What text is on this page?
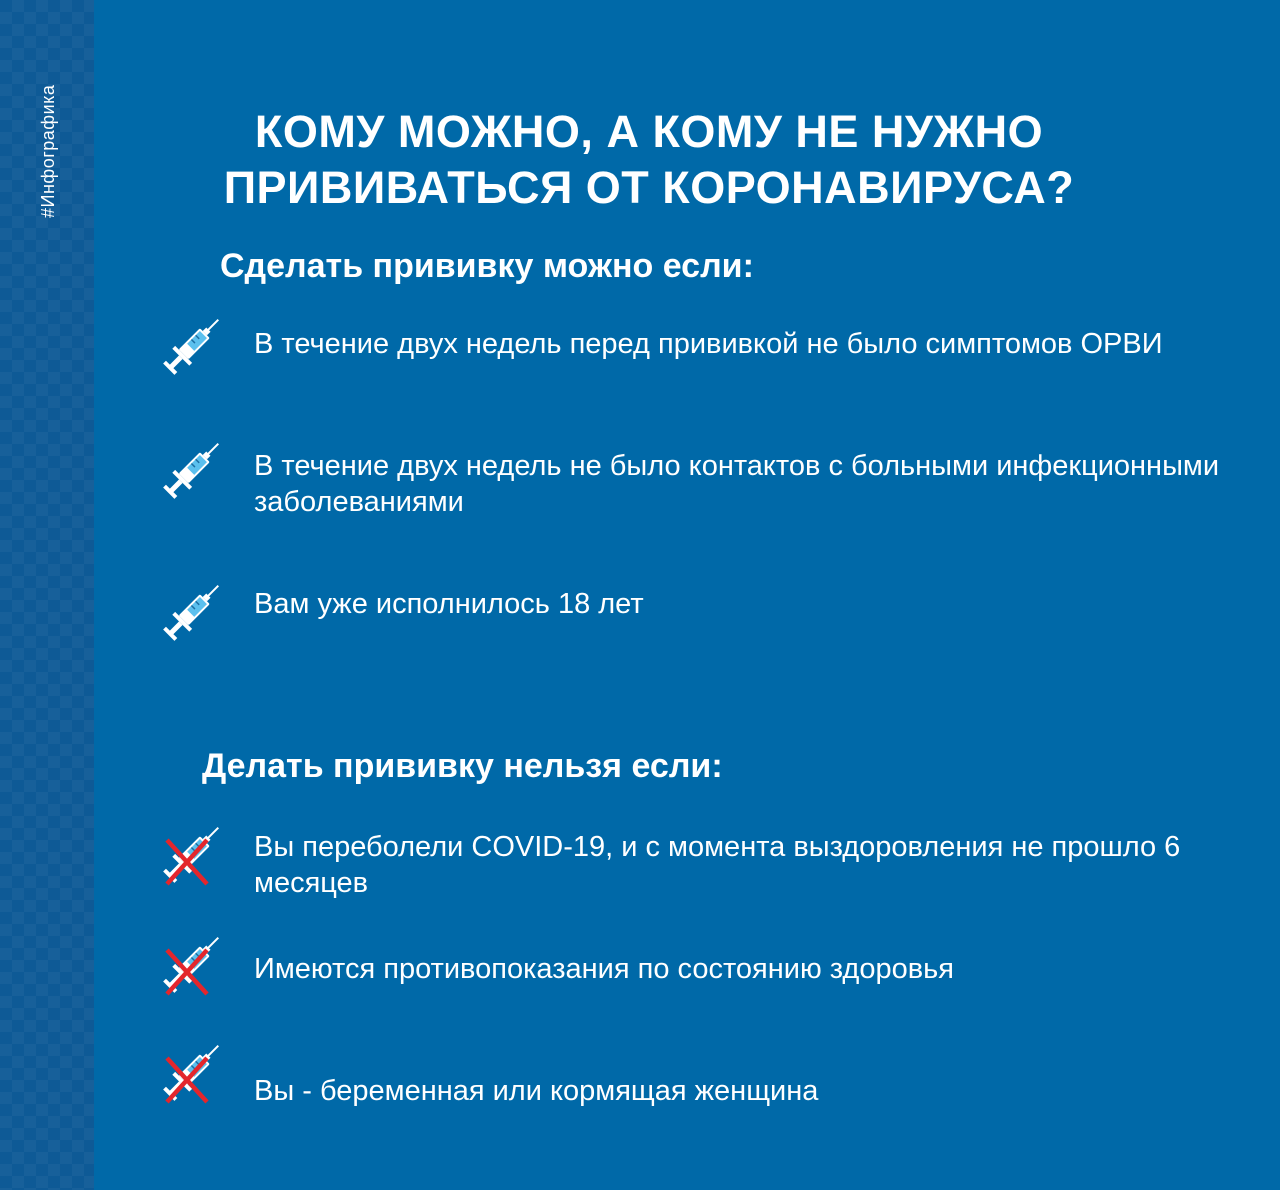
#Инфографика	КОМУ МОЖНО, А КОМУ НЕ НУЖНО
ПРИВИВАТЬСЯ ОТ КОРОНАВИРУСА?
Сделать прививку можно если:
В течение двух недель перед прививкой не было симптомов ОРВИ
В течение двух недель не было контактов с больными инфекционными заболеваниями
Вам уже исполнилось 18 лет
Делать прививку нельзя если:
Вы переболели COVID-19, и с момента выздоровления не прошло 6 месяцев
Имеются противопоказания по состоянию здоровья
Вы - беременная или кормящая женщина
